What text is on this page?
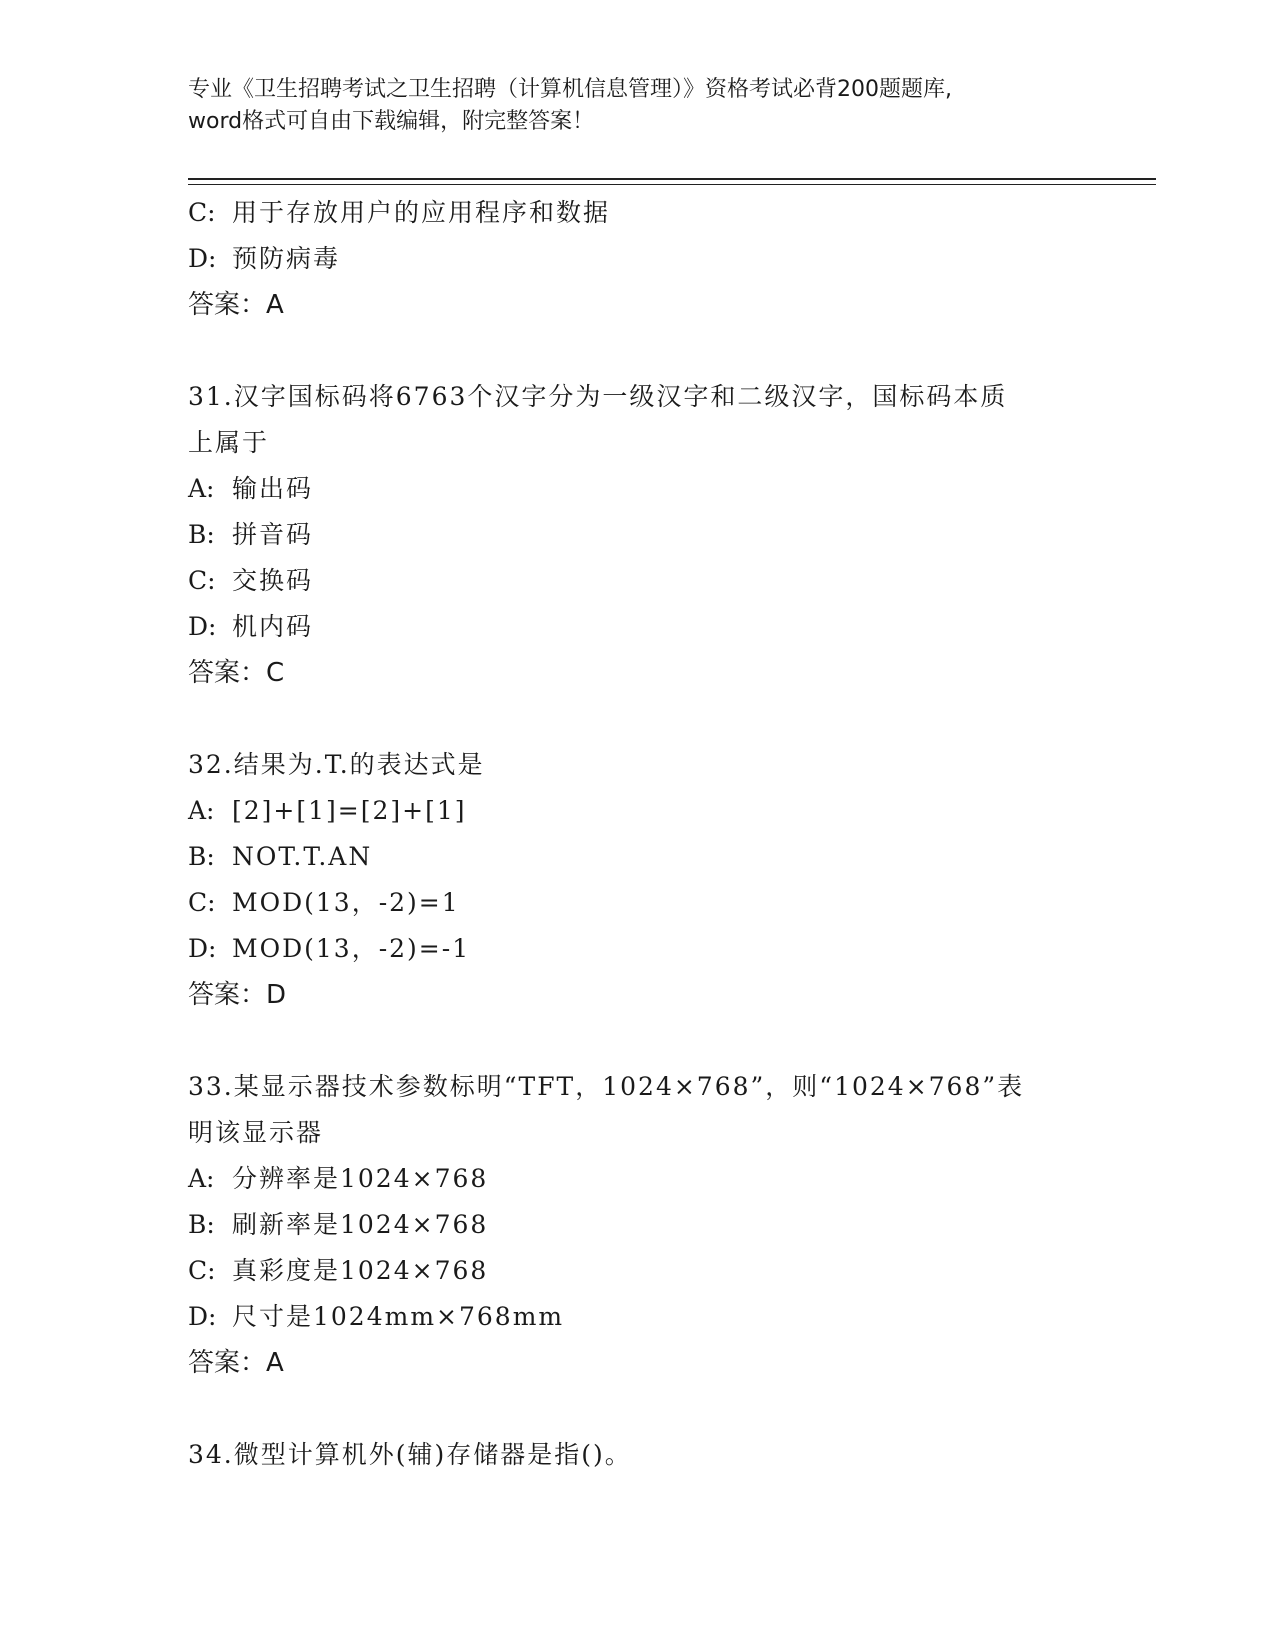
专业《卫生招聘考试之卫生招聘（计算机信息管理）》资格考试必背200题题库,
word格式可自由下载编辑，附完整答案！
C: 用于存放用户的应用程序和数据
D: 预防病毒
答案：A
31.汉字国标码将6763个汉字分为一级汉字和二级汉字，国标码本质
上属于
A: 输出码
B: 拼音码
C: 交换码
D: 机内码
答案：C
32.结果为.T.的表达式是
A: [2]+[1]=[2]+[1]
B: NOT.T.AN
C: MOD(13，-2)=1
D: MOD(13，-2)=-1
答案：D
33.某显示器技术参数标明“TFT，1024×768”，则“1024×768”表
明该显示器
A: 分辨率是1024×768
B: 刷新率是1024×768
C: 真彩度是1024×768
D: 尺寸是1024mm×768mm
答案：A
34.微型计算机外(辅)存储器是指()。
